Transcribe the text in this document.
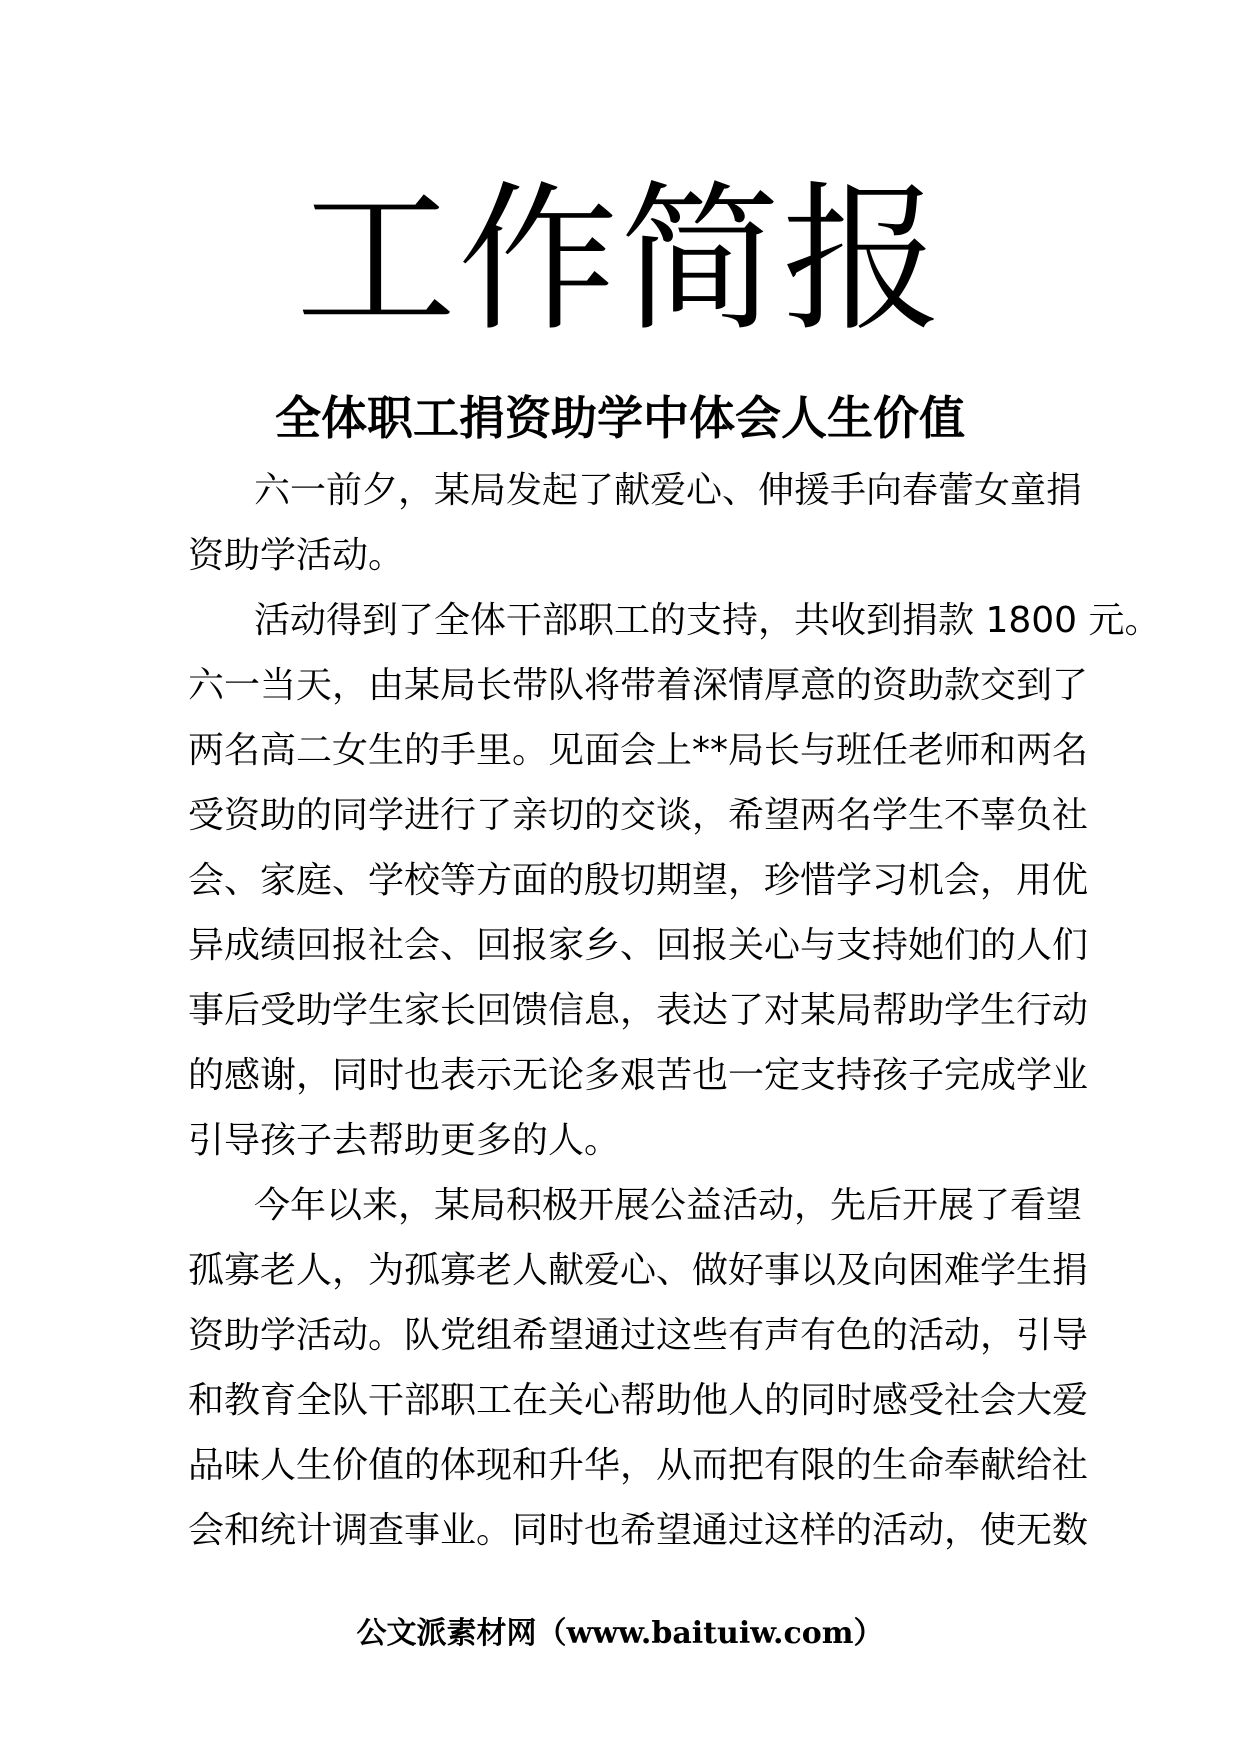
工作简报
全体职工捐资助学中体会人生价值
六一前夕，某局发起了献爱心、伸援手向春蕾女童捐
资助学活动。
活动得到了全体干部职工的支持，共收到捐款 1800 元。
六一当天，由某局长带队将带着深情厚意的资助款交到了
两名高二女生的手里。见面会上**局长与班任老师和两名
受资助的同学进行了亲切的交谈，希望两名学生不辜负社
会、家庭、学校等方面的殷切期望，珍惜学习机会，用优
异成绩回报社会、回报家乡、回报关心与支持她们的人们
事后受助学生家长回馈信息，表达了对某局帮助学生行动
的感谢，同时也表示无论多艰苦也一定支持孩子完成学业
引导孩子去帮助更多的人。
今年以来，某局积极开展公益活动，先后开展了看望
孤寡老人，为孤寡老人献爱心、做好事以及向困难学生捐
资助学活动。队党组希望通过这些有声有色的活动，引导
和教育全队干部职工在关心帮助他人的同时感受社会大爱
品味人生价值的体现和升华，从而把有限的生命奉献给社
会和统计调查事业。同时也希望通过这样的活动，使无数
公文派素材网（www.baituiw.com）
